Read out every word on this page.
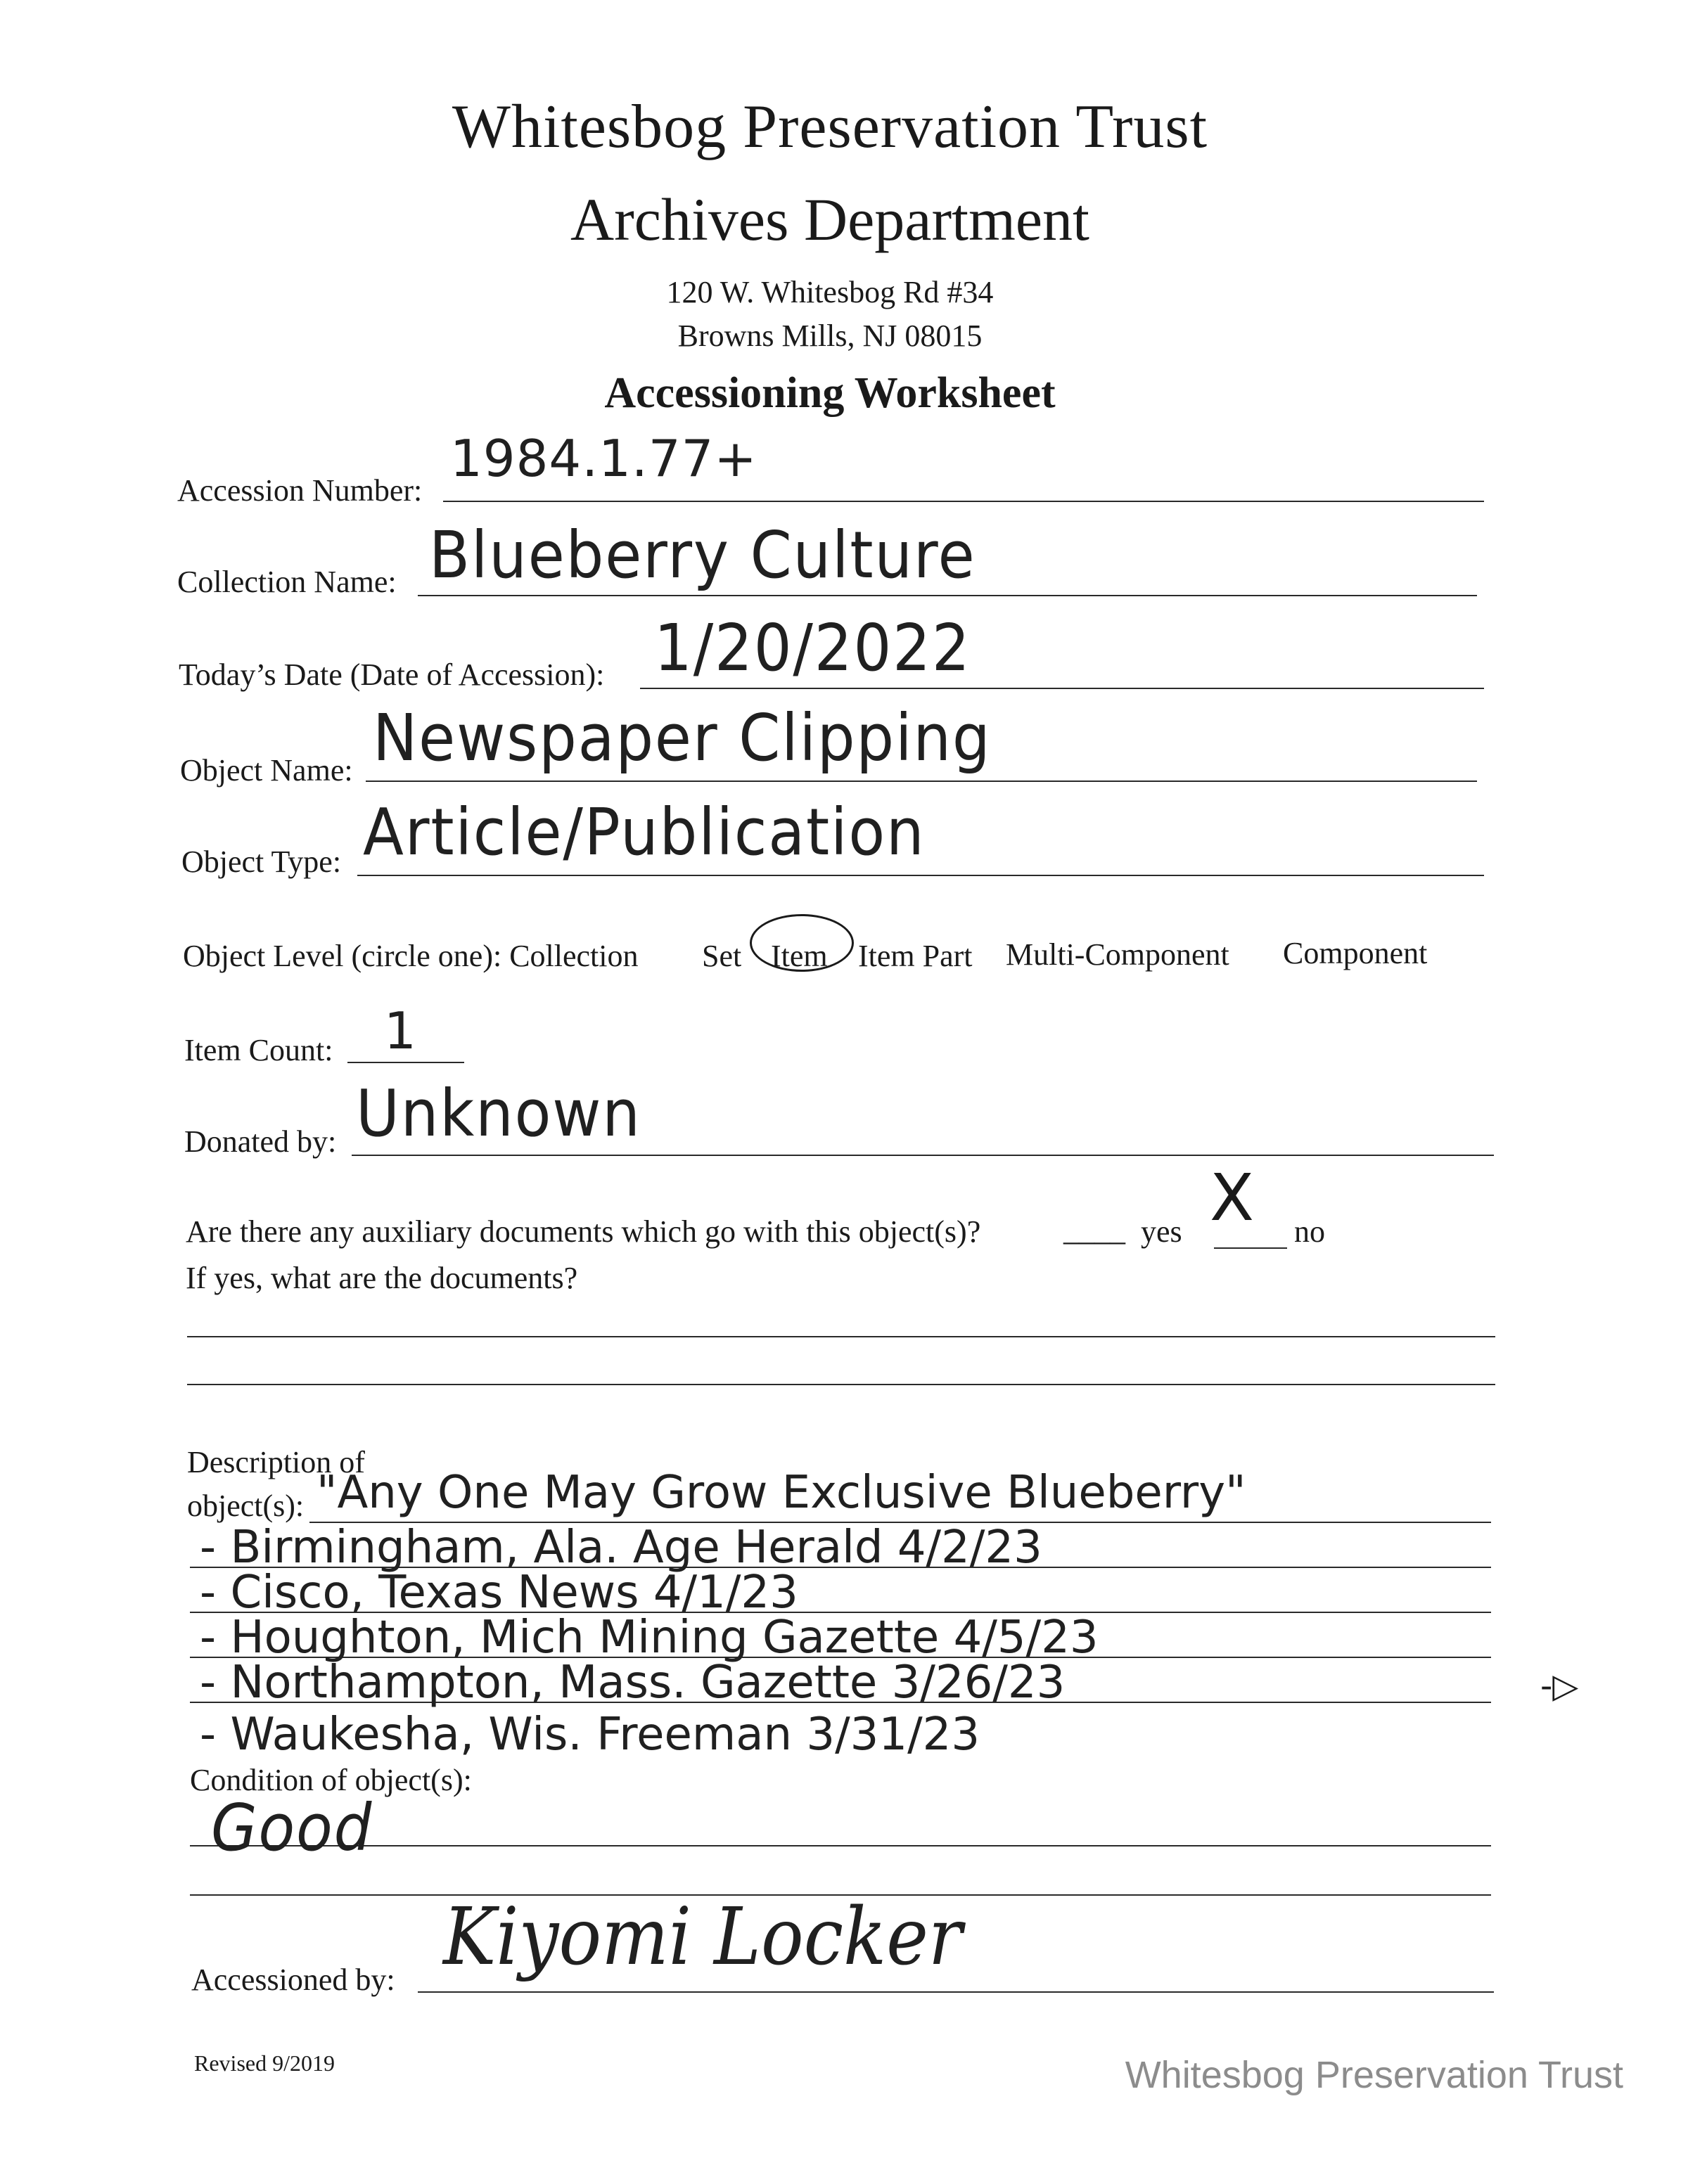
Whitesbog Preservation Trust
Archives Department
120 W. Whitesbog Rd #34
Browns Mills, NJ 08015
Accessioning Worksheet
Accession Number:
1984.1.77+
Collection Name: Blueberry Culture
Today’s Date (Date of Accession): 1/20/2022
Object Name: Newspaper Clipping
Object Type: Article/Publication
Object Level (circle one): Collection Set Item Item Part Multi-Component Component
Item Count: 1
Donated by: Unknown
Are there any auxiliary documents which go with this object(s)?	____ yes X no
If yes, what are the documents?
Description of
object(s): "Any One May Grow Exclusive Blueberry"
- Birmingham, Ala. Age Herald 4/2/23
- Cisco, Texas News 4/1/23
- Houghton, Mich Mining Gazette 4/5/23
- Northampton, Mass. Gazette 3/26/23
- Waukesha, Wis. Freeman 3/31/23
-▷
Condition of object(s):
Good
Accessioned by: Kiyomi Locker
Revised 9/2019	Whitesbog Preservation Trust
